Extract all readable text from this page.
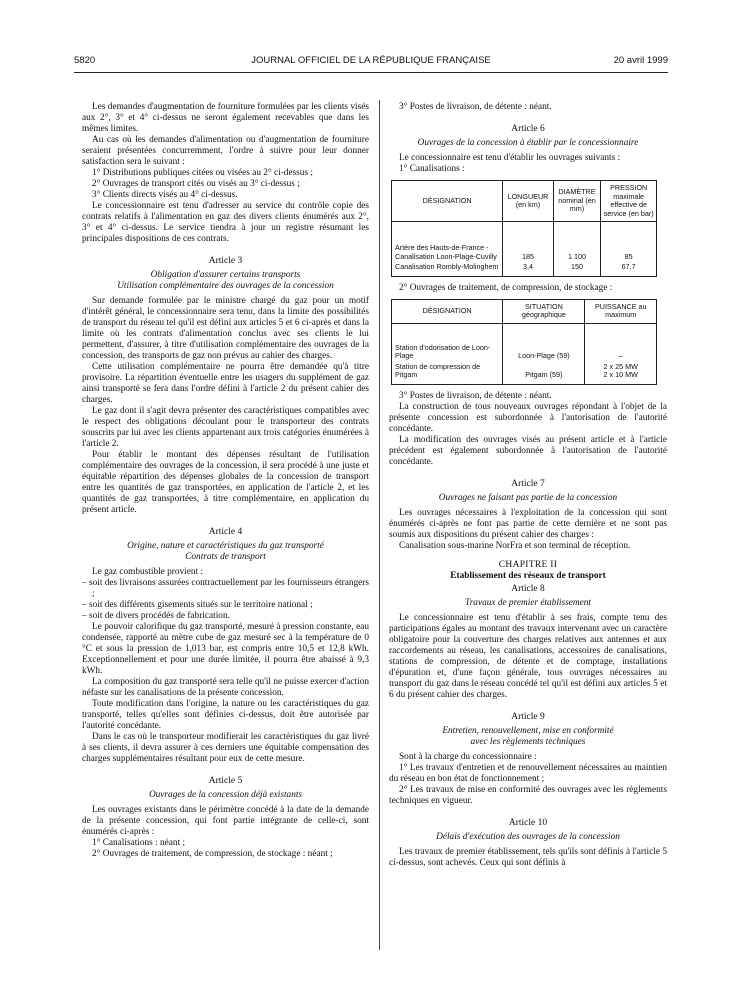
5820	JOURNAL OFFICIEL DE LA RÉPUBLIQUE FRANÇAISE	20 avril 1999

Les demandes d'augmentation de fourniture formulées par les clients visés aux 2°, 3° et 4° ci-dessus ne seront également recevables que dans les mêmes limites.

Au cas où les demandes d'alimentation ou d'augmentation de fourniture seraient présentées concurremment, l'ordre à suivre pour leur donner satisfaction sera le suivant :

1° Distributions publiques citées ou visées au 2° ci-dessus ;

2° Ouvrages de transport cités ou visés au 3° ci-dessus ;

3° Clients directs visés au 4° ci-dessus.

Le concessionnaire est tenu d'adresser au service du contrôle copie des contrats relatifs à l'alimentation en gaz des divers clients énumérés aux 2°, 3° et 4° ci-dessus. Le service tiendra à jour un registre résumant les principales dispositions de ces contrats.

Article 3
Obligation d'assurer certains transports
Utilisation complémentaire des ouvrages de la concession

Sur demande formulée par le ministre chargé du gaz pour un motif d'intérêt général, le concessionnaire sera tenu, dans la limite des possibilités de transport du réseau tel qu'il est défini aux articles 5 et 6 ci-après et dans la limite où les contrats d'alimentation conclus avec ses clients le lui permettent, d'assurer, à titre d'utilisation complémentaire des ouvrages de la concession, des transports de gaz non prévus au cahier des charges.

Cette utilisation complémentaire ne pourra être demandée qu'à titre provisoire. La répartition éventuelle entre les usagers du supplément de gaz ainsi transporté se fera dans l'ordre défini à l'article 2 du présent cahier des charges.

Le gaz dont il s'agit devra présenter des caractéristiques compatibles avec le respect des obligations découlant pour le transporteur des contrats souscrits par lui avec les clients appartenant aux trois catégories énumérées à l'article 2.

Pour établir le montant des dépenses résultant de l'utilisation complémentaire des ouvrages de la concession, il sera procédé à une juste et équitable répartition des dépenses globales de la concession de transport entre les quantités de gaz transportées, en application de l'article 2, et les quantités de gaz transportées, à titre complémentaire, en application du présent article.

Article 4
Origine, nature et caractéristiques du gaz transporté
Contrats de transport

Le gaz combustible provient :

– soit des livraisons assurées contractuellement par les fournisseurs étrangers ;

– soit des différents gisements situés sur le territoire national ;

– soit de divers procédés de fabrication.

Le pouvoir calorifique du gaz transporté, mesuré à pression constante, eau condensée, rapporté au mètre cube de gaz mesuré sec à la température de 0 °C et sous la pression de 1,013 bar, est compris entre 10,5 et 12,8 kWh. Exceptionnellement et pour une durée limitée, il pourra être abaissé à 9,3 kWh.

La composition du gaz transporté sera telle qu'il ne puisse exercer d'action néfaste sur les canalisations de la présente concession.

Toute modification dans l'origine, la nature ou les caractéristiques du gaz transporté, telles qu'elles sont définies ci-dessus, doit être autorisée par l'autorité concédante.

Dans le cas où le transporteur modifierait les caractéristiques du gaz livré à ses clients, il devra assurer à ces derniers une équitable compensation des charges supplémentaires résultant pour eux de cette mesure.

Article 5
Ouvrages de la concession déjà existants

Les ouvrages existants dans le périmètre concédé à la date de la demande de la présente concession, qui font partie intégrante de celle-ci, sont énumérés ci-après :

1° Canalisations : néant ;

2° Ouvrages de traitement, de compression, de stockage : néant ;

3° Postes de livraison, de détente : néant.

Article 6
Ouvrages de la concession à établir par le concessionnaire

Le concessionnaire est tenu d'établir les ouvrages suivants :

1° Canalisations :

DÉSIGNATION	LONGUEUR (en km)	DIAMÈTRE nominal (en mm)	PRESSION maximale effective de service (en bar)
Artère des Hauts-de-France - Canalisation Loon-Plage-Cuvilly	185	1 100	85
Canalisation Rombly-Molinghem	3,4	150	67,7

2° Ouvrages de traitement, de compression, de stockage :

DÉSIGNATION	SITUATION géographique	PUISSANCE au maximum
Station d'odorisation de Loon-Plage	Loon-Plage (59)	–
Station de compression de Pitgam	Pitgam (59)	2 x 25 MW
2 x 10 MW

3° Postes de livraison, de détente : néant.

La construction de tous nouveaux ouvrages répondant à l'objet de la présente concession est subordonnée à l'autorisation de l'autorité concédante.

La modification des ouvrages visés au présent article et à l'article précédent est également subordonnée à l'autorisation de l'autorité concédante.

Article 7
Ouvrages ne faisant pas partie de la concession

Les ouvrages nécessaires à l'exploitation de la concession qui sont énumérés ci-après ne font pas partie de cette dernière et ne sont pas soumis aux dispositions du présent cahier des charges :

Canalisation sous-marine NorFra et son terminal de réception.

CHAPITRE II
Etablissement des réseaux de transport
Article 8
Travaux de premier établissement

Le concessionnaire est tenu d'établir à ses frais, compte tenu des participations égales au montant des travaux intervenant avec un caractère obligatoire pour la couverture des charges relatives aux antennes et aux raccordements au réseau, les canalisations, accessoires de canalisations, stations de compression, de détente et de comptage, installations d'épuration et, d'une façon générale, tous ouvrages nécessaires au transport du gaz dans le réseau concédé tel qu'il est défini aux articles 5 et 6 du présent cahier des charges.

Article 9
Entretien, renouvellement, mise en conformité
avec les règlements techniques

Sont à la charge du concessionnaire :

1° Les travaux d'entretien et de renouvellement nécessaires au maintien du réseau en bon état de fonctionnement ;

2° Les travaux de mise en conformité des ouvrages avec les règlements techniques en vigueur.

Article 10
Délais d'exécution des ouvrages de la concession

Les travaux de premier établissement, tels qu'ils sont définis à l'article 5 ci-dessus, sont achevés. Ceux qui sont définis à
